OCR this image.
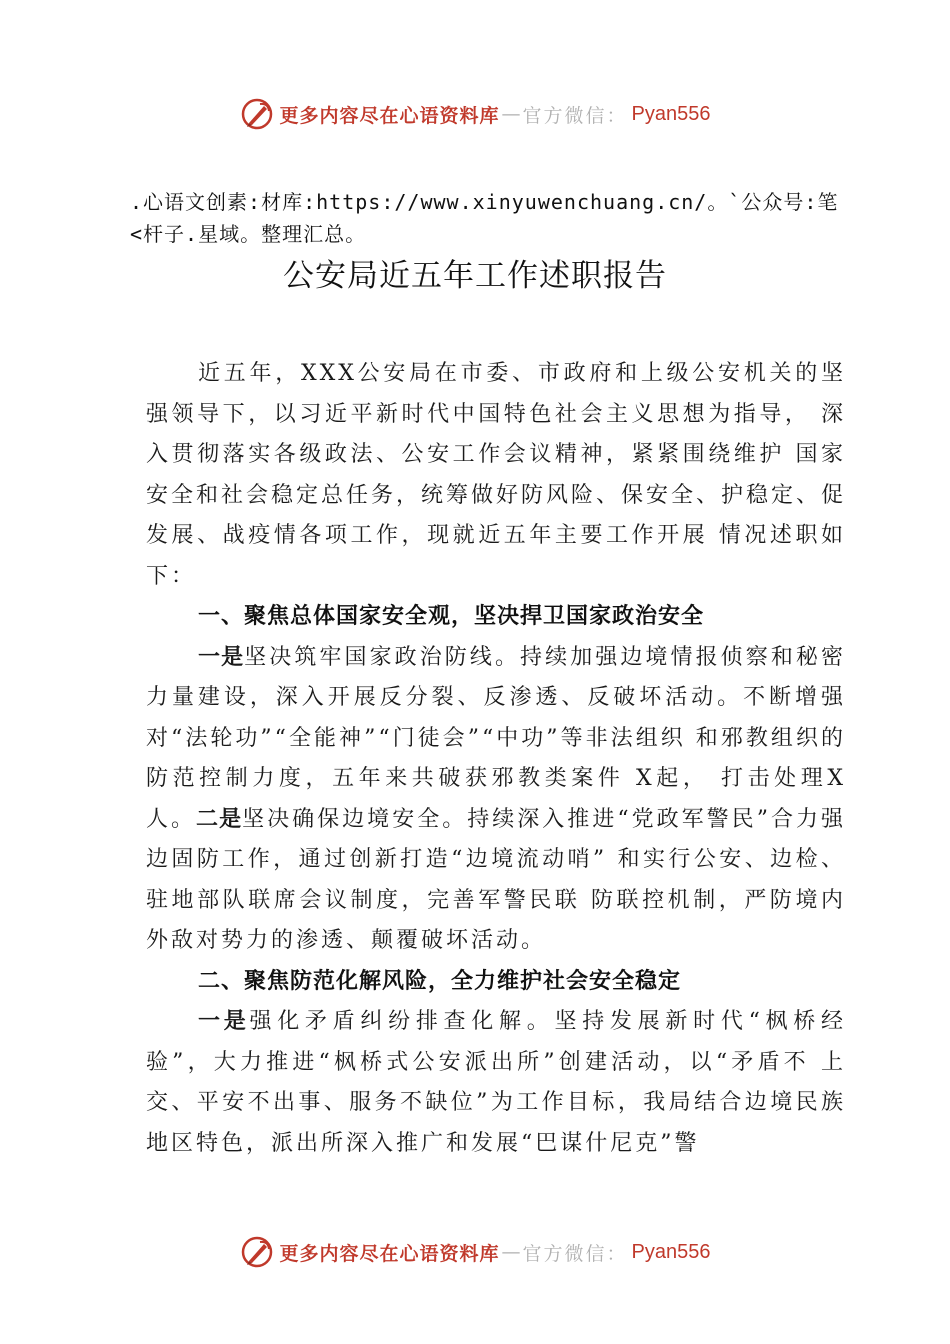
更多内容尽在心语资料库 — 官方微信： Pyan556
.心语文创素:材库:https://www.xinyuwenchuang.cn/。`公众号:笔<杆子.星域。整理汇总。
公安局近五年工作述职报告

近五年，XXX公安局在市委、市政府和上级公安机关的坚强领导下，以习近平新时代中国特色社会主义思想为指导， 深入贯彻落实各级政法、公安工作会议精神，紧紧围绕维护 国家安全和社会稳定总任务，统筹做好防风险、保安全、护稳定、促发展、战疫情各项工作，现就近五年主要工作开展 情况述职如下：

一、聚焦总体国家安全观，坚决捍卫国家政治安全

一是坚决筑牢国家政治防线。持续加强边境情报侦察和秘密力量建设，深入开展反分裂、反渗透、反破坏活动。不断增强对“法轮功”“全能神”“门徒会”“中功”等非法组织 和邪教组织的防范控制力度，五年来共破获邪教类案件 X起， 打击处理X人。二是坚决确保边境安全。持续深入推进“党政军警民”合力强边固防工作，通过创新打造“边境流动哨” 和实行公安、边检、驻地部队联席会议制度，完善军警民联 防联控机制，严防境内外敌对势力的渗透、颠覆破坏活动。

二、聚焦防范化解风险，全力维护社会安全稳定

一是强化矛盾纠纷排查化解。坚持发展新时代“枫桥经验”，大力推进“枫桥式公安派出所”创建活动，以“矛盾不 上交、平安不出事、服务不缺位”为工作目标，我局结合边境民族地区特色，派出所深入推广和发展“巴谋什尼克”警

更多内容尽在心语资料库 — 官方微信： Pyan556
